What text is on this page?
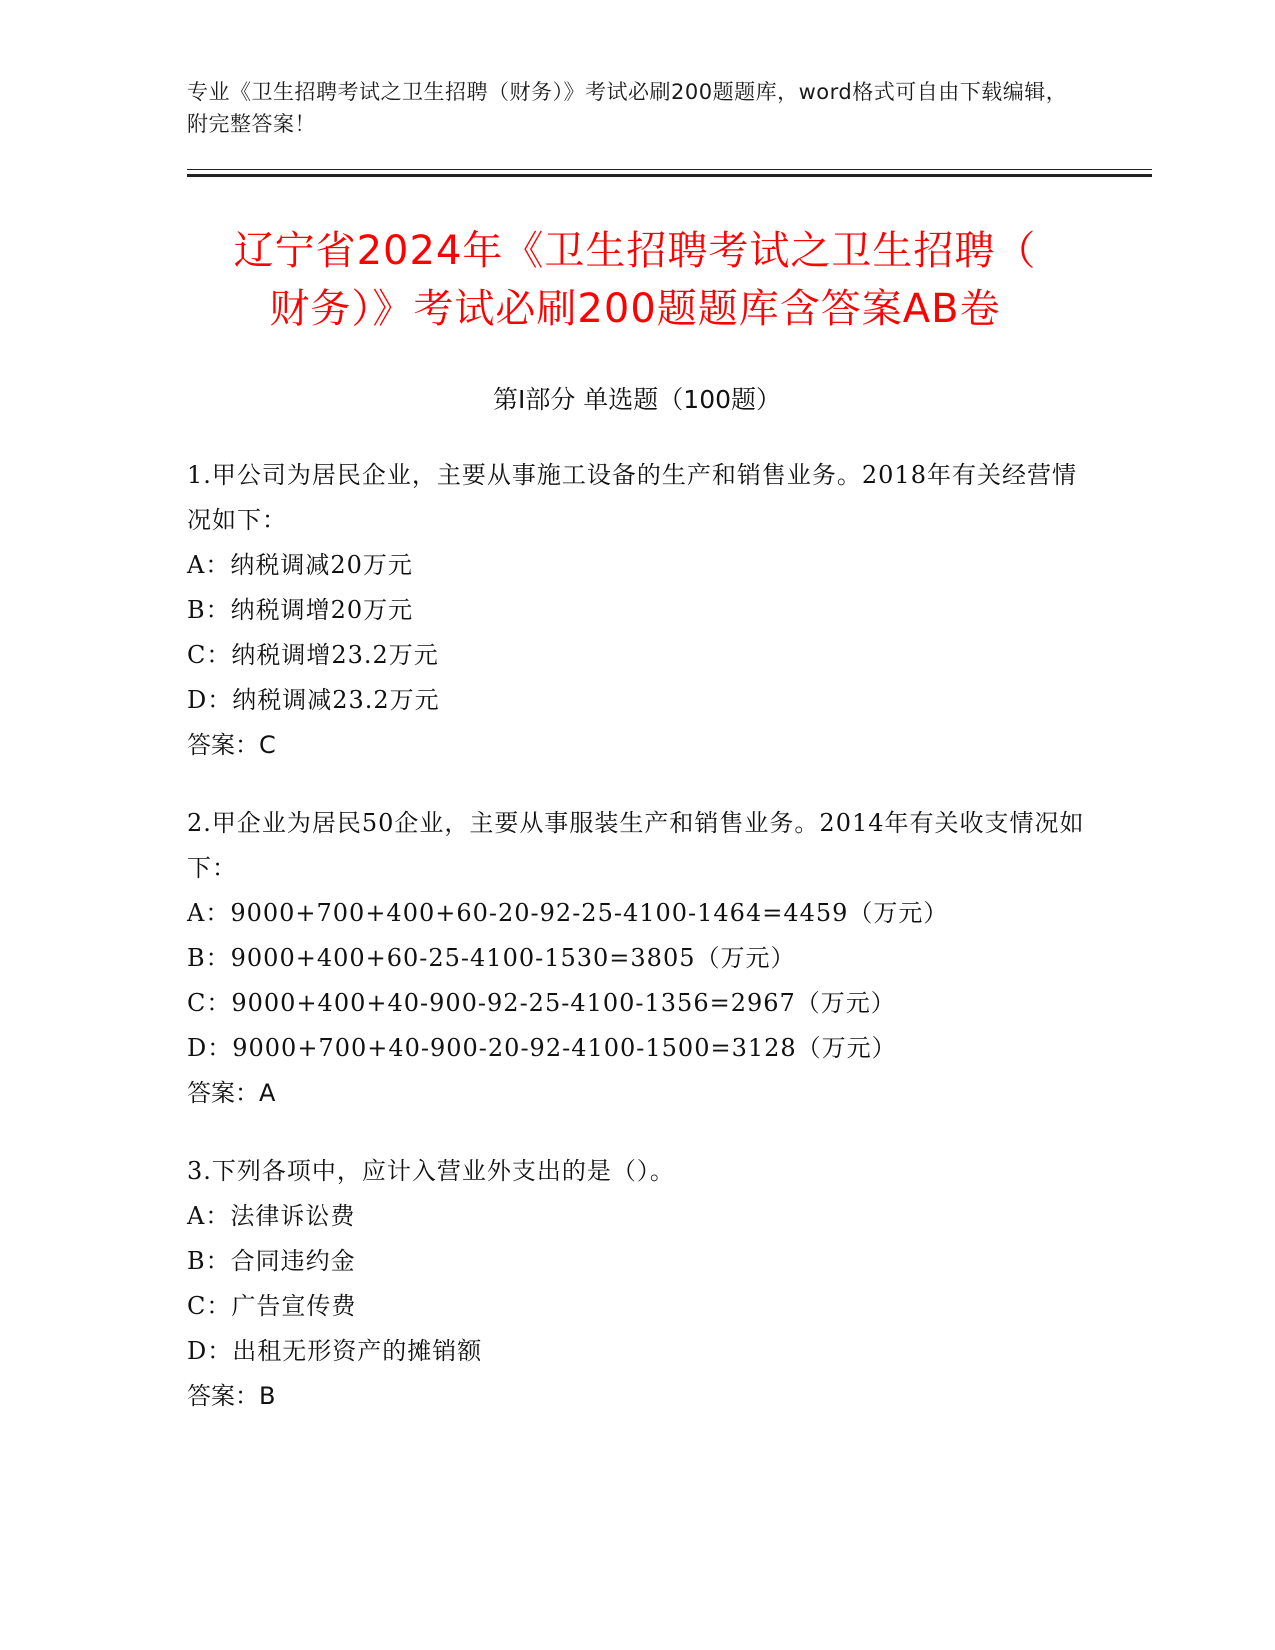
专业《卫生招聘考试之卫生招聘（财务）》考试必刷200题题库，word格式可自由下载编辑，附完整答案！
辽宁省2024年《卫生招聘考试之卫生招聘（
财务）》考试必刷200题题库含答案AB卷
第Ⅰ部分 单选题（100题）

1.甲公司为居民企业，主要从事施工设备的生产和销售业务。2018年有关经营情况如下：

A：纳税调减20万元

B：纳税调增20万元

C：纳税调增23.2万元

D：纳税调减23.2万元

答案：C

2.甲企业为居民50企业，主要从事服装生产和销售业务。2014年有关收支情况如下：

A：9000+700+400+60-20-92-25-4100-1464=4459（万元）

B：9000+400+60-25-4100-1530=3805（万元）

C：9000+400+40-900-92-25-4100-1356=2967（万元）

D：9000+700+40-900-20-92-4100-1500=3128（万元）

答案：A

3.下列各项中，应计入营业外支出的是（）。

A：法律诉讼费

B：合同违约金

C：广告宣传费

D：出租无形资产的摊销额

答案：B
